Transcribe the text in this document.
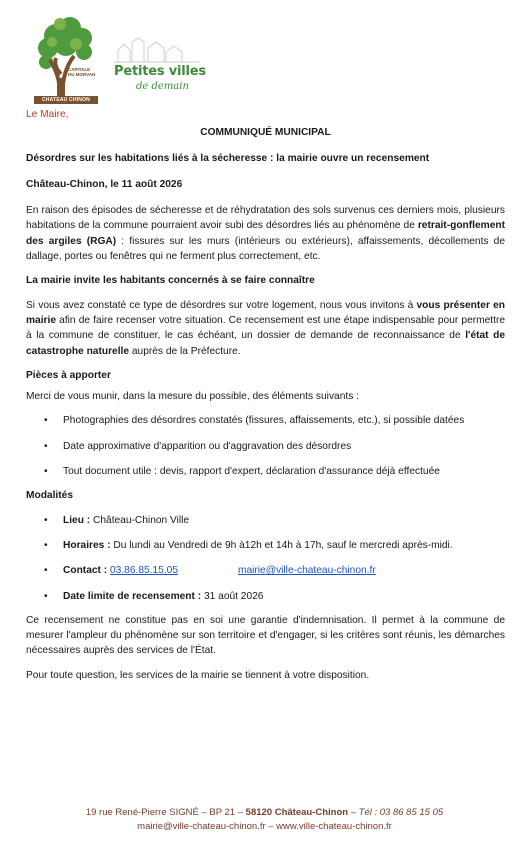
CAPITALE
DU MORVAN
CHATEAU CHINON VILLE
Petites villes
de demain

Le Maire,

COMMUNIQUÉ MUNICIPAL

Désordres sur les habitations liés à la sécheresse : la mairie ouvre un recensement

Château-Chinon, le 11 août 2026

En raison des épisodes de sécheresse et de réhydratation des sols survenus ces derniers mois, plusieurs habitations de la commune pourraient avoir subi des désordres liés au phénomène de retrait-gonflement des argiles (RGA) : fissures sur les murs (intérieurs ou extérieurs), affaissements, décollements de dallage, portes ou fenêtres qui ne ferment plus correctement, etc.

La mairie invite les habitants concernés à se faire connaître

Si vous avez constaté ce type de désordres sur votre logement, nous vous invitons à vous présenter en mairie afin de faire recenser votre situation. Ce recensement est une étape indispensable pour permettre à la commune de constituer, le cas échéant, un dossier de demande de reconnaissance de l'état de catastrophe naturelle auprès de la Préfecture.

Pièces à apporter

Merci de vous munir, dans la mesure du possible, des éléments suivants :

• Photographies des désordres constatés (fissures, affaissements, etc.), si possible datées
• Date approximative d'apparition ou d'aggravation des désordres
• Tout document utile : devis, rapport d'expert, déclaration d'assurance déjà effectuée

Modalités

• Lieu : Château-Chinon Ville
• Horaires : Du lundi au Vendredi de 9h à12h et 14h à 17h, sauf le mercredi après-midi.
• Contact : 03.86.85.15.05	mairie@ville-chateau-chinon.fr
• Date limite de recensement : 31 août 2026

Ce recensement ne constitue pas en soi une garantie d'indemnisation. Il permet à la commune de mesurer l'ampleur du phénomène sur son territoire et d'engager, si les critères sont réunis, les démarches nécessaires auprès des services de l'État.

Pour toute question, les services de la mairie se tiennent à votre disposition.

19 rue René-Pierre SIGNÉ – BP 21 – 58120 Château-Chinon – Tél : 03 86 85 15 05
mairie@ville-chateau-chinon.fr – www.ville-chateau-chinon.fr
